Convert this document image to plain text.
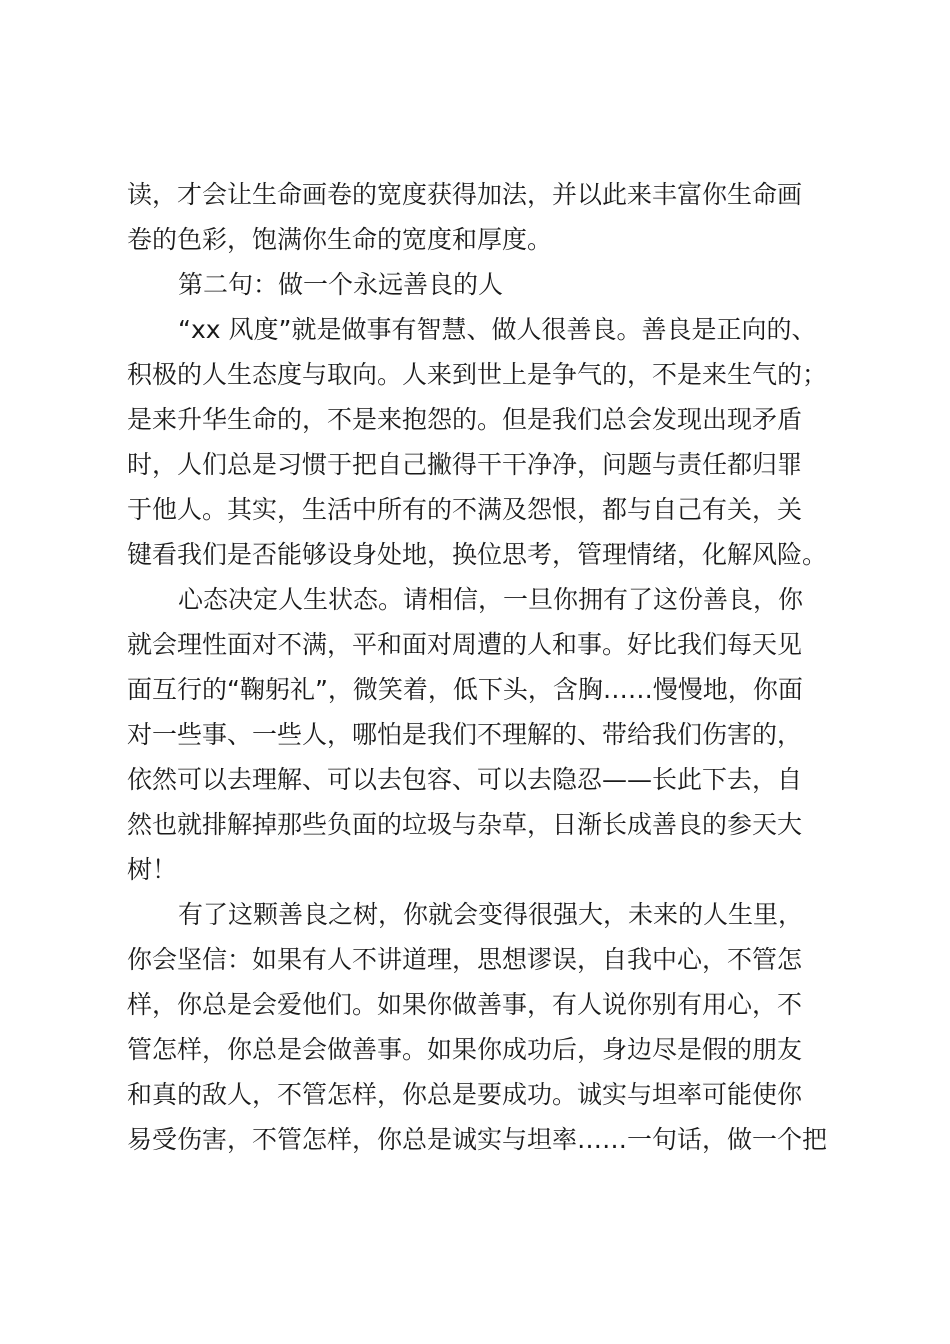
读，才会让生命画卷的宽度获得加法，并以此来丰富你生命画
卷的色彩，饱满你生命的宽度和厚度。
第二句：做一个永远善良的人
“xx 风度”就是做事有智慧、做人很善良。善良是正向的、
积极的人生态度与取向。人来到世上是争气的，不是来生气的；
是来升华生命的，不是来抱怨的。但是我们总会发现出现矛盾
时，人们总是习惯于把自己撇得干干净净，问题与责任都归罪
于他人。其实，生活中所有的不满及怨恨，都与自己有关，关
键看我们是否能够设身处地，换位思考，管理情绪，化解风险。
心态决定人生状态。请相信，一旦你拥有了这份善良，你
就会理性面对不满，平和面对周遭的人和事。好比我们每天见
面互行的“鞠躬礼”，微笑着，低下头，含胸……慢慢地，你面
对一些事、一些人，哪怕是我们不理解的、带给我们伤害的，
依然可以去理解、可以去包容、可以去隐忍——长此下去，自
然也就排解掉那些负面的垃圾与杂草，日渐长成善良的参天大
树！
有了这颗善良之树，你就会变得很强大，未来的人生里，
你会坚信：如果有人不讲道理，思想谬误，自我中心，不管怎
样，你总是会爱他们。如果你做善事，有人说你别有用心，不
管怎样，你总是会做善事。如果你成功后，身边尽是假的朋友
和真的敌人，不管怎样，你总是要成功。诚实与坦率可能使你
易受伤害，不管怎样，你总是诚实与坦率……一句话，做一个把
